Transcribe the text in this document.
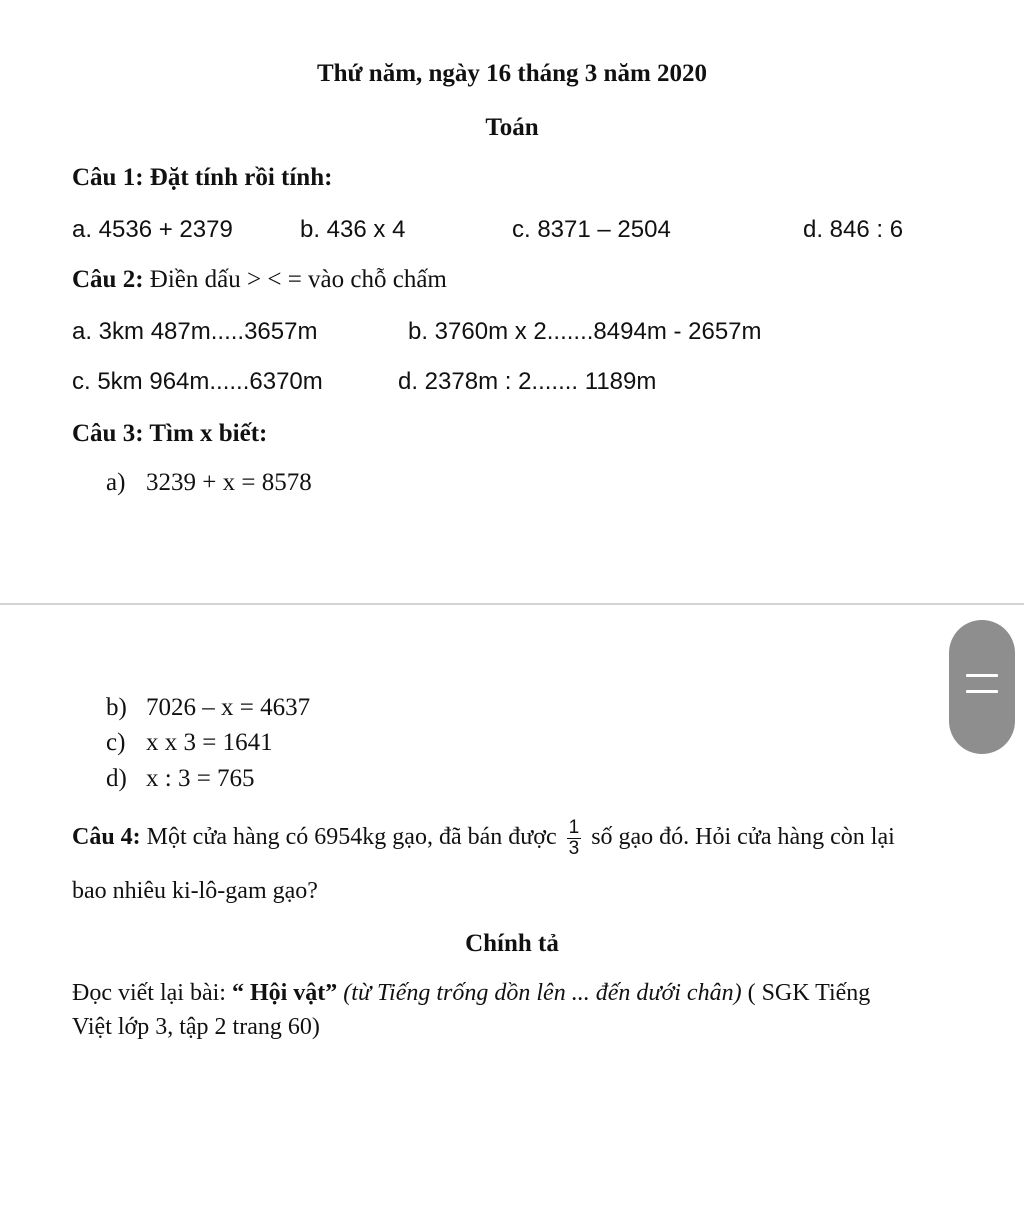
Thứ năm, ngày 16 tháng 3 năm 2020
Toán
Câu 1: Đặt tính rồi tính:
a. 4536 + 2379	b. 436 x 4	c. 8371 – 2504	d. 846 : 6
Câu 2: Điền dấu > < = vào chỗ chấm
a. 3km 487m.....3657m	b. 3760m x 2.......8494m - 2657m
c. 5km 964m......6370m	d. 2378m : 2....... 1189m
Câu 3: Tìm x biết:
a) 3239 + x = 8578
b) 7026 – x = 4637
c) x x 3 = 1641
d) x : 3 = 765
Câu 4: Một cửa hàng có 6954kg gạo, đã bán được $\frac{1}{3}$ số gạo đó. Hỏi cửa hàng còn lại
bao nhiêu ki-lô-gam gạo?
Chính tả
Đọc viết lại bài: “ Hội vật” (từ Tiếng trống dồn lên ... đến dưới chân) ( SGK Tiếng
Việt lớp 3, tập 2 trang 60)
